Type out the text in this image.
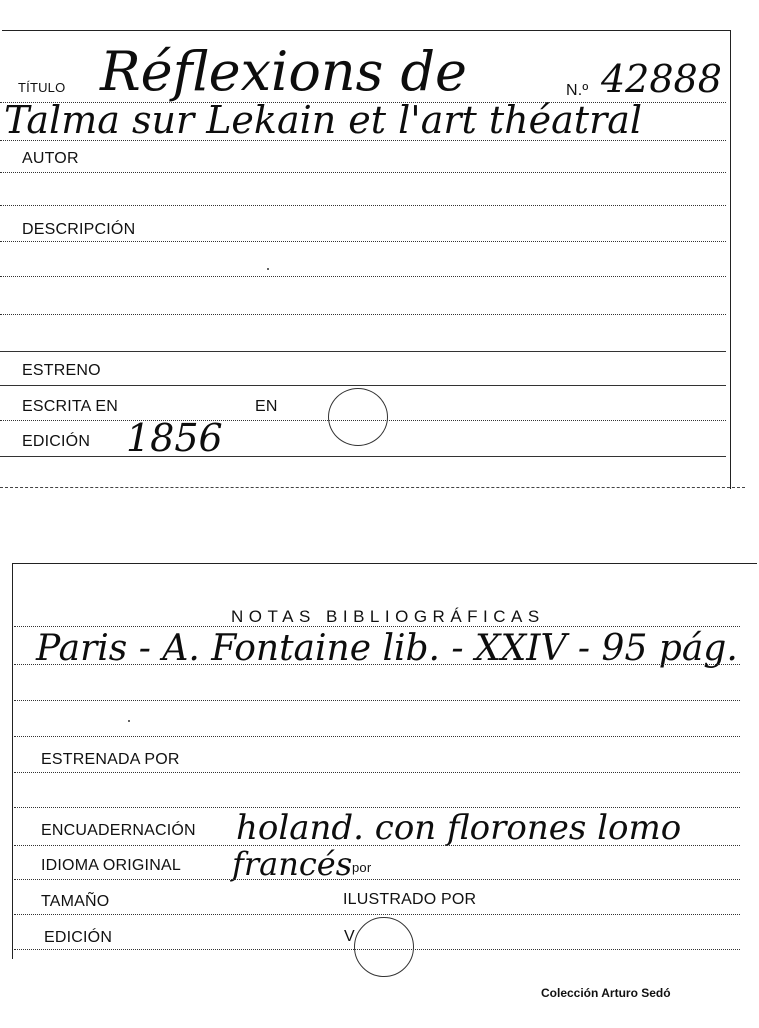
TÍTULO Réflexions de	N.º 42888
Talma sur Lekain et l'art théatral
AUTOR
DESCRIPCIÓN
ESTRENO
ESCRITA EN	EN
EDICIÓN 1856
NOTAS BIBLIOGRÁFICAS
Paris - A. Fontaine lib. - XXIV - 95 pág.
ESTRENADA POR
ENCUADERNACIÓN holand. con florones lomo
IDIOMA ORIGINAL francés por
TAMAÑO	ILUSTRADO POR
EDICIÓN	V
Colección Arturo Sedó
